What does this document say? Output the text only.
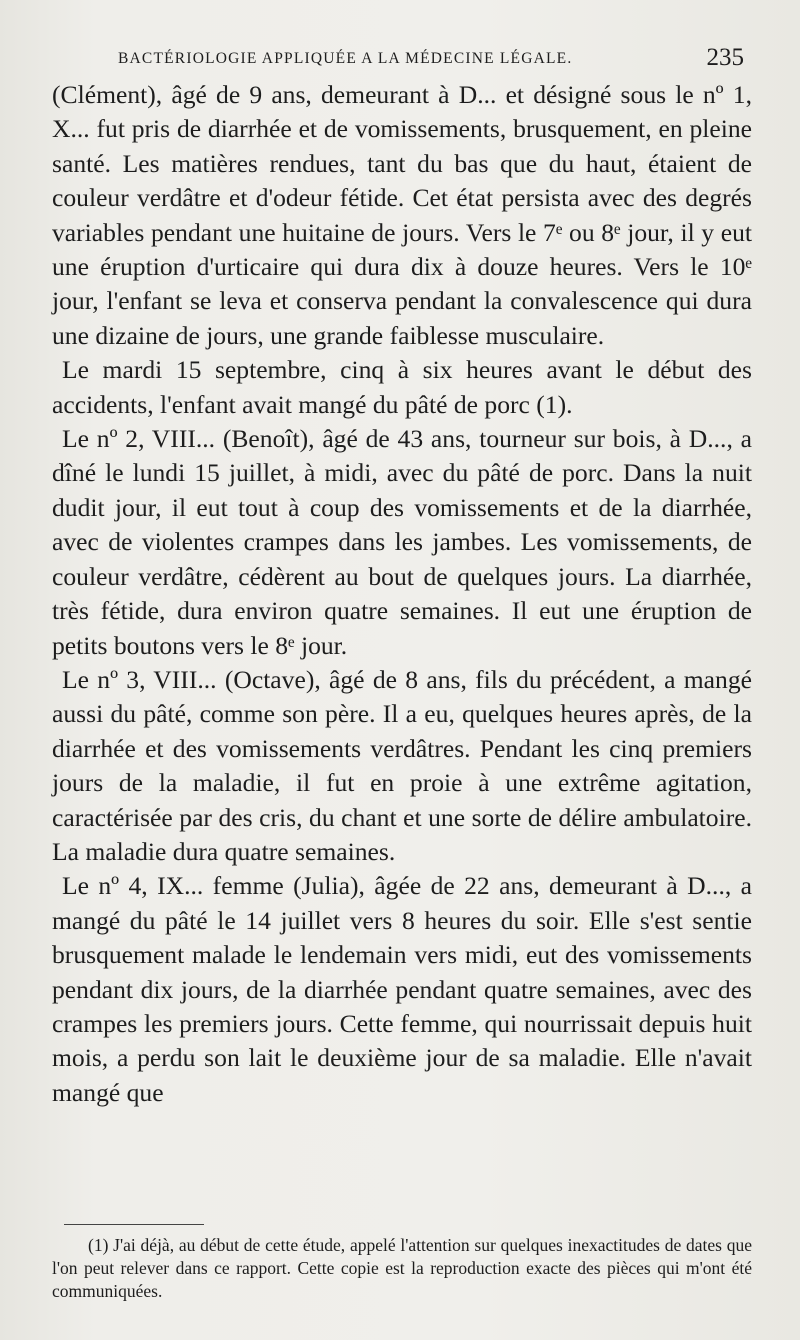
BACTÉRIOLOGIE APPLIQUÉE A LA MÉDECINE LÉGALE.	235

(Clément), âgé de 9 ans, demeurant à D... et désigné sous le nº 1, X... fut pris de diarrhée et de vomissements, brusquement, en pleine santé. Les matières rendues, tant du bas que du haut, étaient de couleur verdâtre et d'odeur fétide. Cet état persista avec des degrés variables pendant une huitaine de jours. Vers le 7ᵉ ou 8ᵉ jour, il y eut une éruption d'urticaire qui dura dix à douze heures. Vers le 10ᵉ jour, l'enfant se leva et conserva pendant la convalescence qui dura une dizaine de jours, une grande faiblesse musculaire.

Le mardi 15 septembre, cinq à six heures avant le début des accidents, l'enfant avait mangé du pâté de porc (1).

Le nº 2, VIII... (Benoît), âgé de 43 ans, tourneur sur bois, à D..., a dîné le lundi 15 juillet, à midi, avec du pâté de porc. Dans la nuit dudit jour, il eut tout à coup des vomissements et de la diarrhée, avec de violentes crampes dans les jambes. Les vomissements, de couleur verdâtre, cédèrent au bout de quelques jours. La diarrhée, très fétide, dura environ quatre semaines. Il eut une éruption de petits boutons vers le 8ᵉ jour.

Le nº 3, VIII... (Octave), âgé de 8 ans, fils du précédent, a mangé aussi du pâté, comme son père. Il a eu, quelques heures après, de la diarrhée et des vomissements verdâtres. Pendant les cinq premiers jours de la maladie, il fut en proie à une extrême agitation, caractérisée par des cris, du chant et une sorte de délire ambulatoire. La maladie dura quatre semaines.

Le nº 4, IX... femme (Julia), âgée de 22 ans, demeurant à D..., a mangé du pâté le 14 juillet vers 8 heures du soir. Elle s'est sentie brusquement malade le lendemain vers midi, eut des vomissements pendant dix jours, de la diarrhée pendant quatre semaines, avec des crampes les premiers jours. Cette femme, qui nourrissait depuis huit mois, a perdu son lait le deuxième jour de sa maladie. Elle n'avait mangé que

(1) J'ai déjà, au début de cette étude, appelé l'attention sur quelques inexactitudes de dates que l'on peut relever dans ce rapport. Cette copie est la reproduction exacte des pièces qui m'ont été communiquées.
